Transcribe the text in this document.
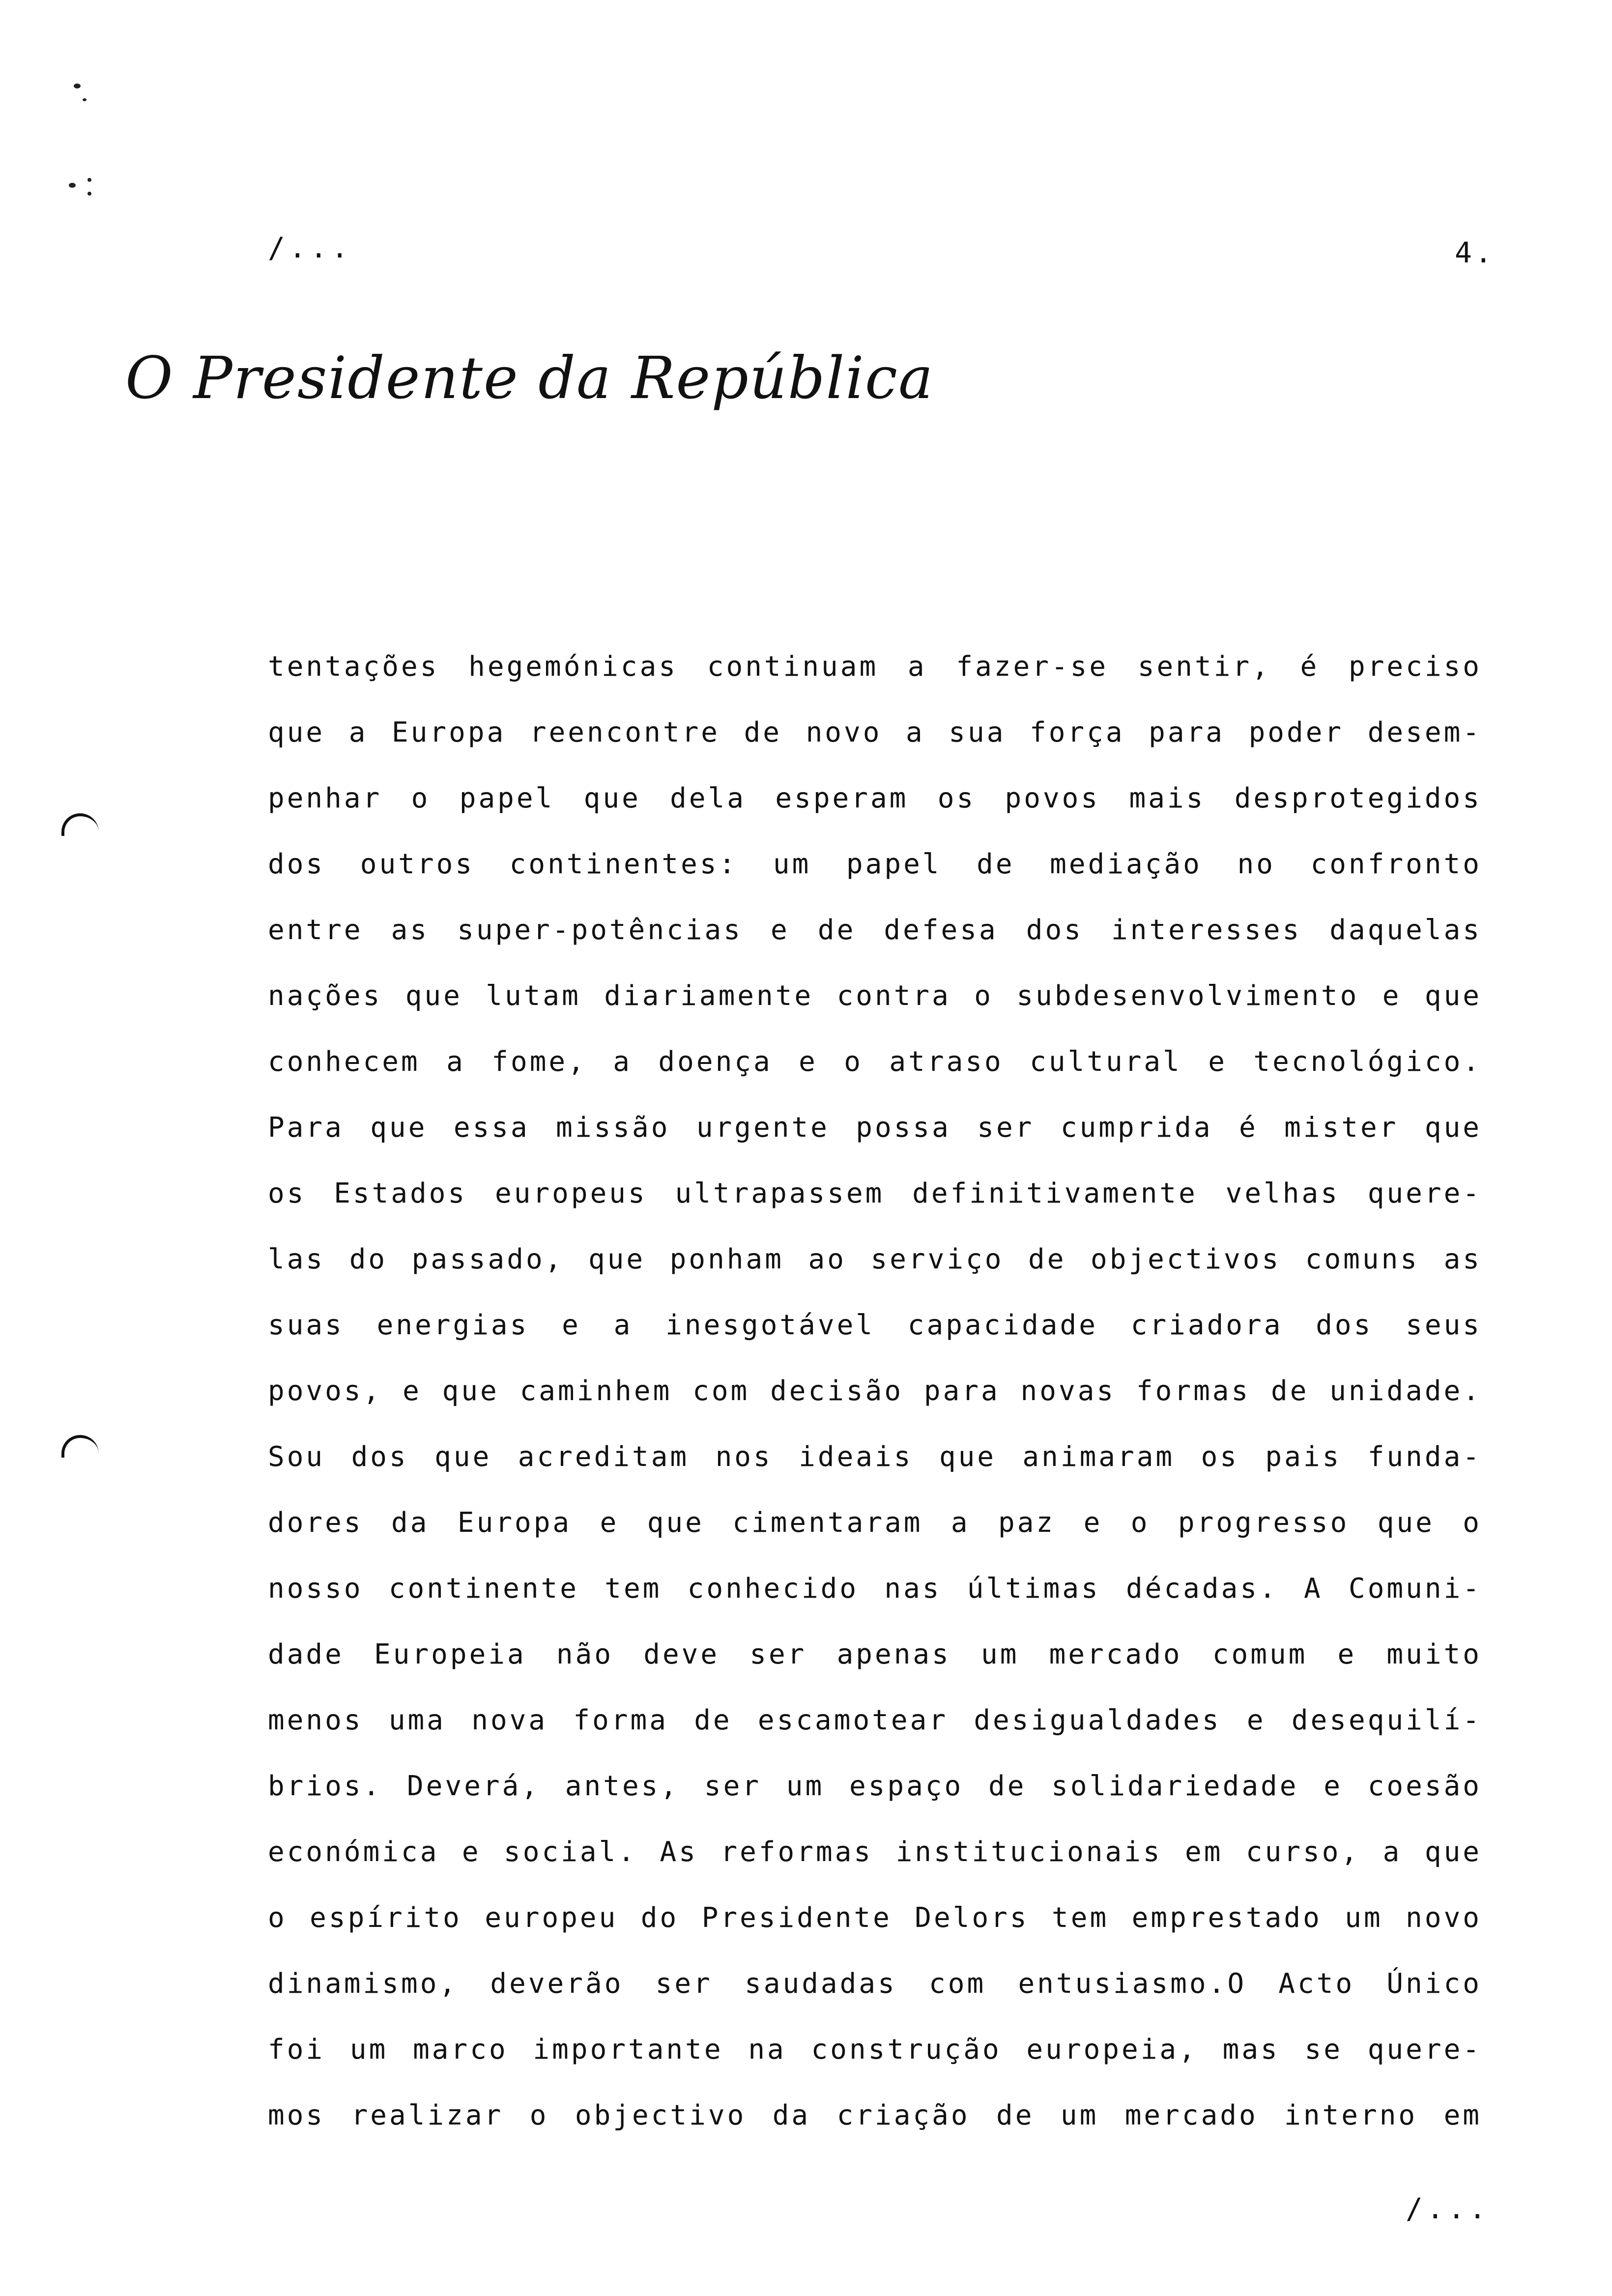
/...	4.
O Presidente da República
tentações hegemónicas continuam a fazer-se sentir, é preciso
que a Europa reencontre de novo a sua força para poder desem-
penhar o papel que dela esperam os povos mais desprotegidos
dos outros continentes: um papel de mediação no confronto
entre as super-potências e de defesa dos interesses daquelas
nações que lutam diariamente contra o subdesenvolvimento e que
conhecem a fome, a doença e o atraso cultural e tecnológico.
Para que essa missão urgente possa ser cumprida é mister que
os Estados europeus ultrapassem definitivamente velhas quere-
las do passado, que ponham ao serviço de objectivos comuns as
suas energias e a inesgotável capacidade criadora dos seus
povos, e que caminhem com decisão para novas formas de unidade.
Sou dos que acreditam nos ideais que animaram os pais funda-
dores da Europa e que cimentaram a paz e o progresso que o
nosso continente tem conhecido nas últimas décadas. A Comuni-
dade Europeia não deve ser apenas um mercado comum e muito
menos uma nova forma de escamotear desigualdades e desequilí-
brios. Deverá, antes, ser um espaço de solidariedade e coesão
económica e social. As reformas institucionais em curso, a que
o espírito europeu do Presidente Delors tem emprestado um novo
dinamismo, deverão ser saudadas com entusiasmo.O Acto Único
foi um marco importante na construção europeia, mas se quere-
mos realizar o objectivo da criação de um mercado interno em
/...
